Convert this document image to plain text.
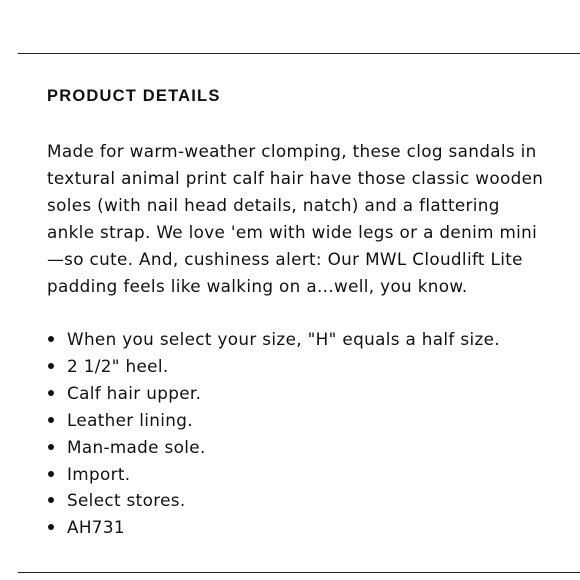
PRODUCT DETAILS

Made for warm-weather clomping, these clog sandals in textural animal print calf hair have those classic wooden soles (with nail head details, natch) and a flattering ankle strap. We love 'em with wide legs or a denim mini—so cute. And, cushiness alert: Our MWL Cloudlift Lite padding feels like walking on a...well, you know.

When you select your size, "H" equals a half size.
2 1/2" heel.
Calf hair upper.
Leather lining.
Man-made sole.
Import.
Select stores.
AH731
